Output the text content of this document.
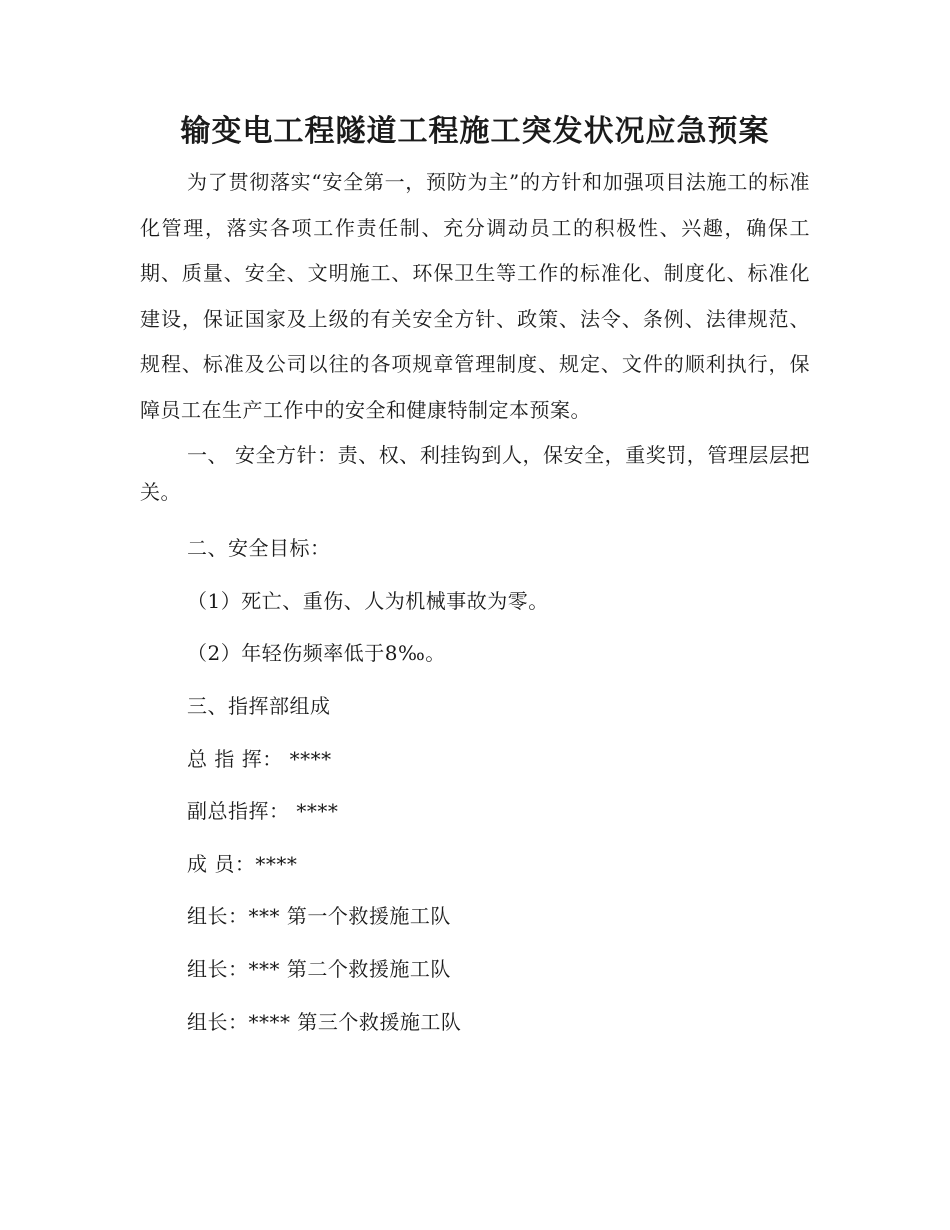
输变电工程隧道工程施工突发状况应急预案

为了贯彻落实“安全第一，预防为主”的方针和加强项目法施工的标准化管理，落实各项工作责任制、充分调动员工的积极性、兴趣，确保工期、质量、安全、文明施工、环保卫生等工作的标准化、制度化、标准化建设，保证国家及上级的有关安全方针、政策、法令、条例、法律规范、规程、标准及公司以往的各项规章管理制度、规定、文件的顺利执行，保障员工在生产工作中的安全和健康特制定本预案。

一、 安全方针：责、权、利挂钩到人，保安全，重奖罚，管理层层把关。

二、安全目标：

（1）死亡、重伤、人为机械事故为零。

（2）年轻伤频率低于8‰。

三、指挥部组成

总 指 挥： ****

副总指挥： ****

成 员：****

组长：*** 第一个救援施工队

组长：*** 第二个救援施工队

组长：**** 第三个救援施工队
